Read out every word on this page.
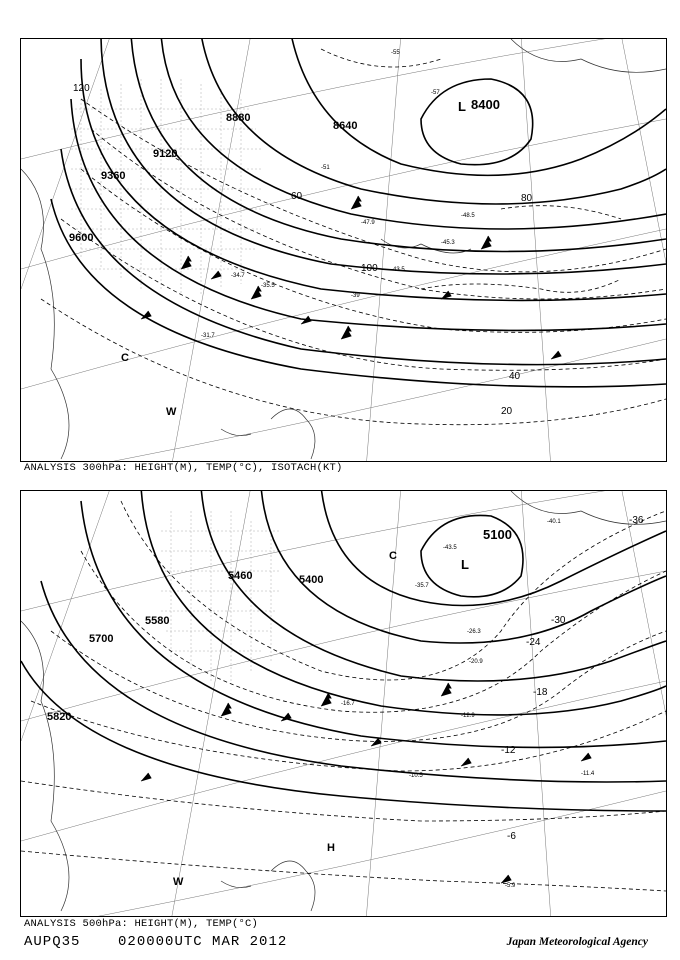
8400
8640
8880
9120
9360
9600
20
40
60	80
100
120
L
C
W
-31.7
-34.7
-35.5
-39
-43.5
-45.3
-47.9
-48.5
-51
-55
-57
ANALYSIS 300hPa: HEIGHT(M), TEMP(°C), ISOTACH(KT)
5100
5400
5460
5580
5700
5820
-36
-30
-24
-18
-12
-6
L
C
H
W	-5.9
-10.5	-11.4
-12.9
-16.7
-20.9
-26.3
-35.7
-40.1
-43.5
ANALYSIS 500hPa: HEIGHT(M), TEMP(°C)
AUPQ35	020000UTC MAR 2012	Japan Meteorological Agency
